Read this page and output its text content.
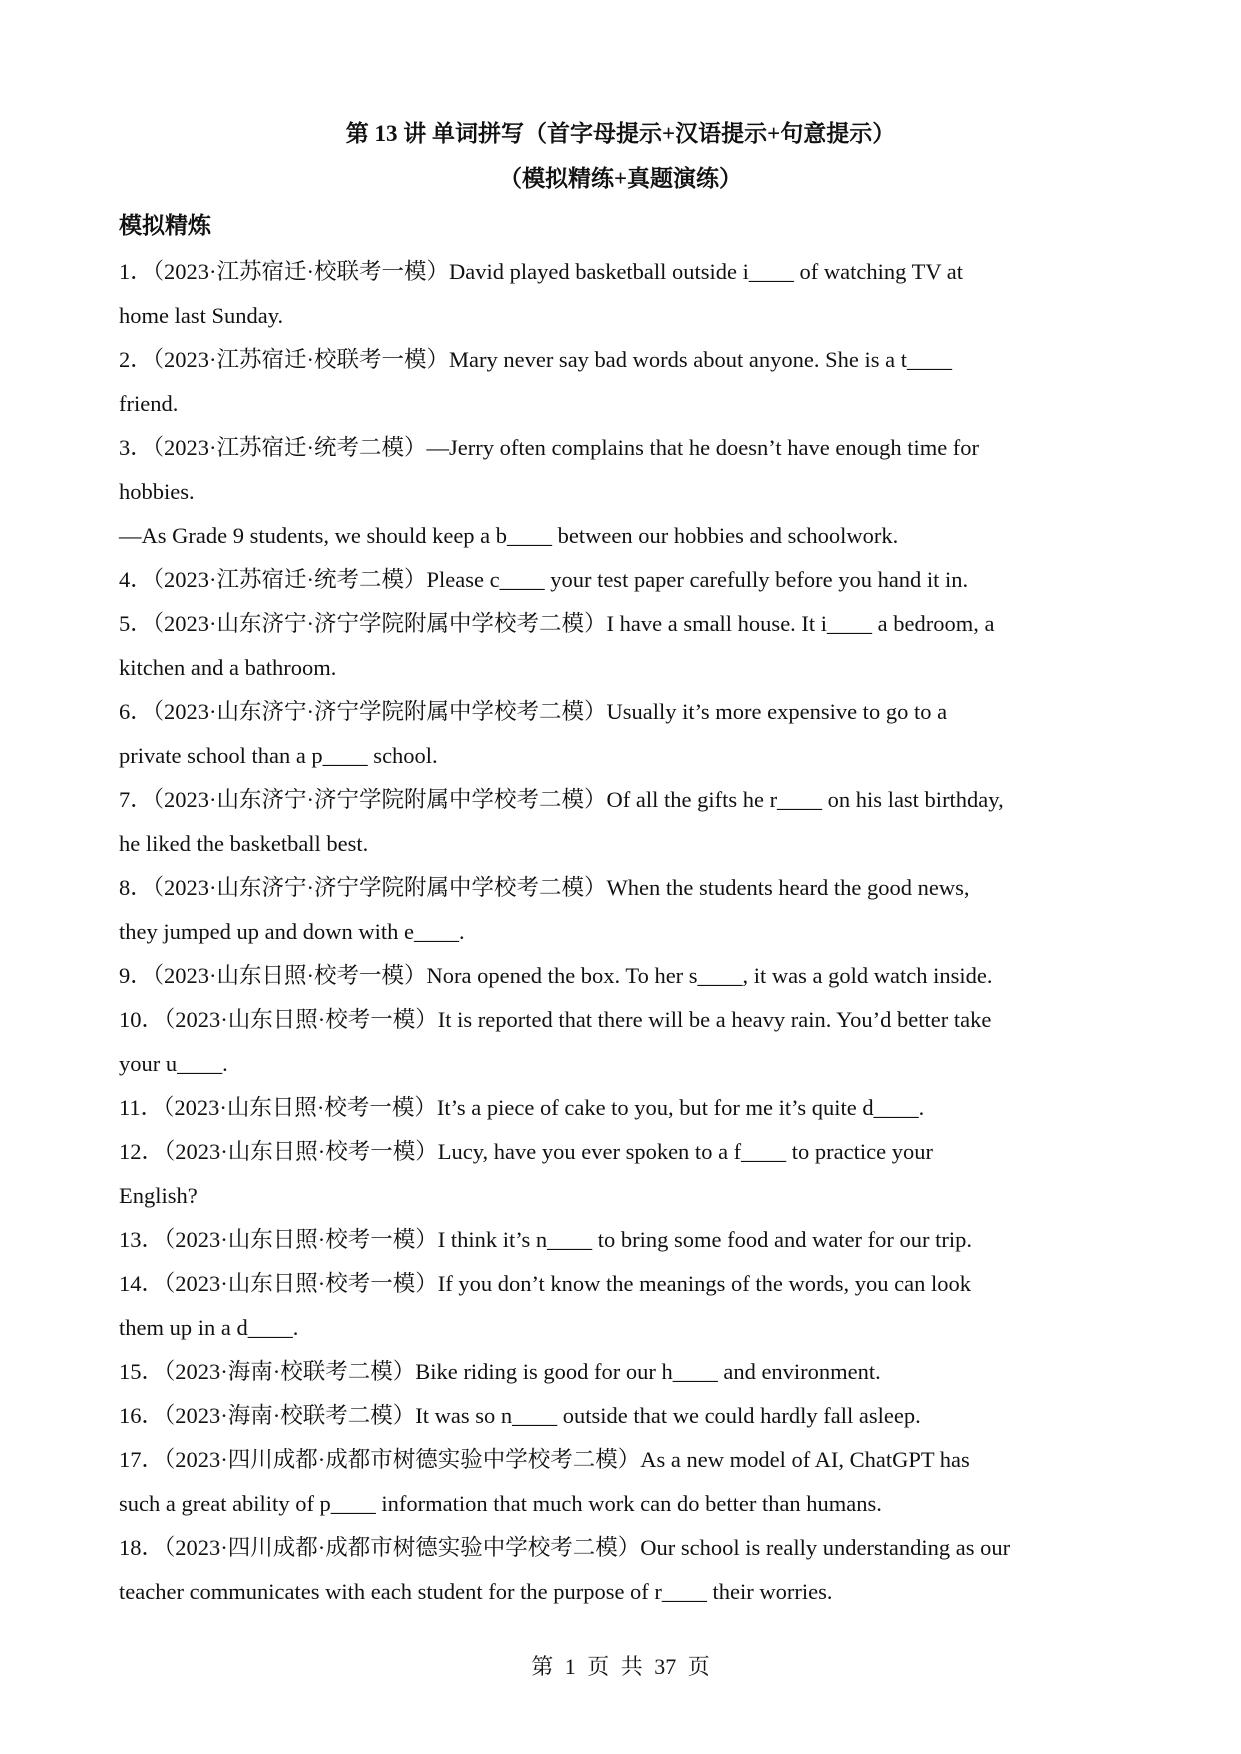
第 13 讲 单词拼写（首字母提示+汉语提示+句意提示）
（模拟精练+真题演练）
模拟精炼
1．（2023·江苏宿迁·校联考一模）David played basketball outside i____ of watching TV at
home last Sunday.
2．（2023·江苏宿迁·校联考一模）Mary never say bad words about anyone. She is a t____
friend.
3．（2023·江苏宿迁·统考二模）—Jerry often complains that he doesn’t have enough time for
hobbies.
—As Grade 9 students, we should keep a b____ between our hobbies and schoolwork.
4．（2023·江苏宿迁·统考二模）Please c____ your test paper carefully before you hand it in.
5．（2023·山东济宁·济宁学院附属中学校考二模）I have a small house. It i____ a bedroom, a
kitchen and a bathroom.
6．（2023·山东济宁·济宁学院附属中学校考二模）Usually it’s more expensive to go to a
private school than a p____ school.
7．（2023·山东济宁·济宁学院附属中学校考二模）Of all the gifts he r____ on his last birthday,
he liked the basketball best.
8．（2023·山东济宁·济宁学院附属中学校考二模）When the students heard the good news,
they jumped up and down with e____.
9．（2023·山东日照·校考一模）Nora opened the box. To her s____, it was a gold watch inside.
10．（2023·山东日照·校考一模）It is reported that there will be a heavy rain. You’d better take
your u____.
11．（2023·山东日照·校考一模）It’s a piece of cake to you, but for me it’s quite d____.
12．（2023·山东日照·校考一模）Lucy, have you ever spoken to a f____ to practice your
English?
13．（2023·山东日照·校考一模）I think it’s n____ to bring some food and water for our trip.
14．（2023·山东日照·校考一模）If you don’t know the meanings of the words, you can look
them up in a d____.
15．（2023·海南·校联考二模）Bike riding is good for our h____ and environment.
16．（2023·海南·校联考二模）It was so n____ outside that we could hardly fall asleep.
17．（2023·四川成都·成都市树德实验中学校考二模）As a new model of AI, ChatGPT has
such a great ability of p____ information that much work can do better than humans.
18．（2023·四川成都·成都市树德实验中学校考二模）Our school is really understanding as our
teacher communicates with each student for the purpose of r____ their worries.
第 1 页 共 37 页
